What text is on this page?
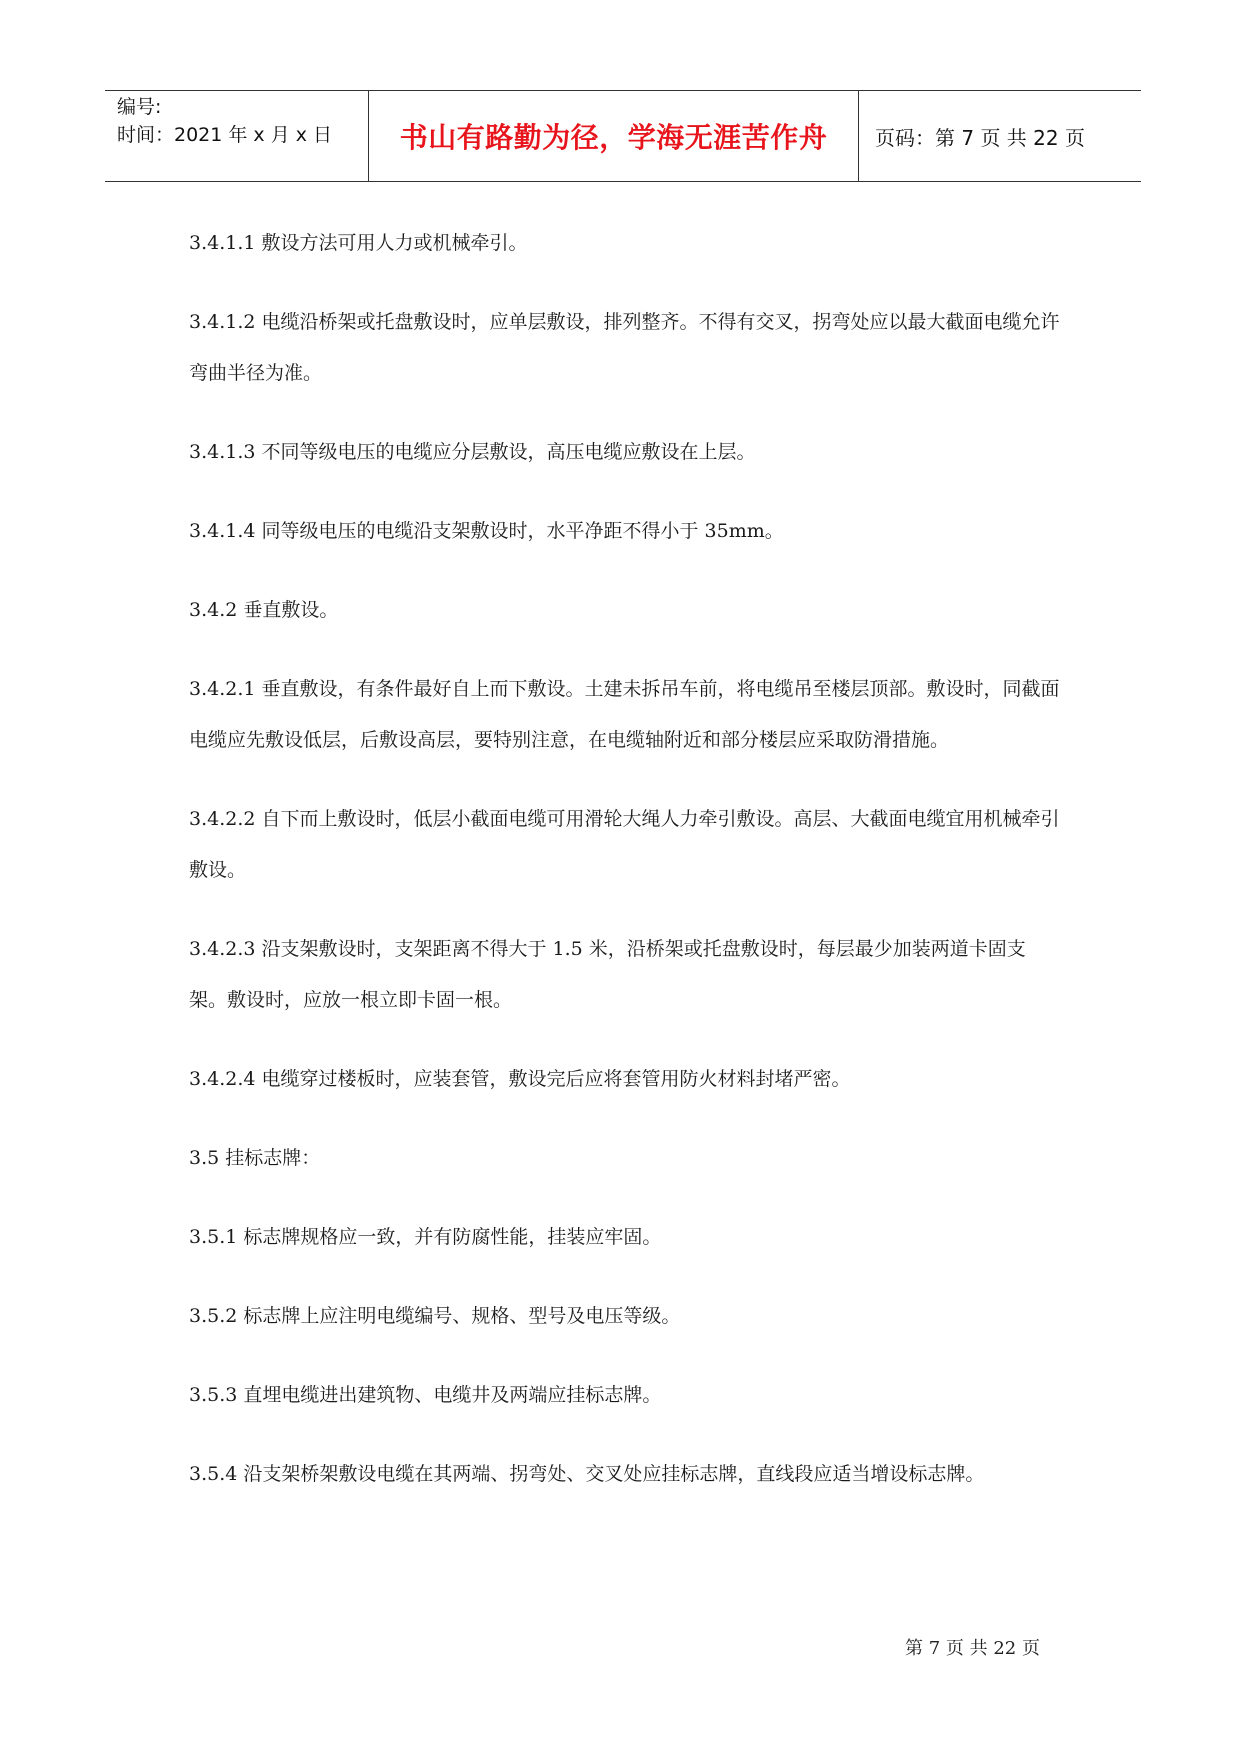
编号:
时间：2021 年 x 月 x 日	书山有路勤为径，学海无涯苦作舟	页码：第 7 页 共 22 页

3.4.1.1 敷设方法可用人力或机械牵引。

3.4.1.2 电缆沿桥架或托盘敷设时，应单层敷设，排列整齐。不得有交叉，拐弯处应以最大截面电缆允许弯曲半径为准。

3.4.1.3 不同等级电压的电缆应分层敷设，高压电缆应敷设在上层。

3.4.1.4 同等级电压的电缆沿支架敷设时，水平净距不得小于 35mm。

3.4.2 垂直敷设。

3.4.2.1 垂直敷设，有条件最好自上而下敷设。土建未拆吊车前，将电缆吊至楼层顶部。敷设时，同截面电缆应先敷设低层，后敷设高层，要特别注意，在电缆轴附近和部分楼层应采取防滑措施。

3.4.2.2 自下而上敷设时，低层小截面电缆可用滑轮大绳人力牵引敷设。高层、大截面电缆宜用机械牵引敷设。

3.4.2.3 沿支架敷设时，支架距离不得大于 1.5 米，沿桥架或托盘敷设时，每层最少加装两道卡固支架。敷设时，应放一根立即卡固一根。

3.4.2.4 电缆穿过楼板时，应装套管，敷设完后应将套管用防火材料封堵严密。

3.5 挂标志牌：

3.5.1 标志牌规格应一致，并有防腐性能，挂装应牢固。

3.5.2 标志牌上应注明电缆编号、规格、型号及电压等级。

3.5.3 直埋电缆进出建筑物、电缆井及两端应挂标志牌。

3.5.4 沿支架桥架敷设电缆在其两端、拐弯处、交叉处应挂标志牌，直线段应适当增设标志牌。

第 7 页 共 22 页
